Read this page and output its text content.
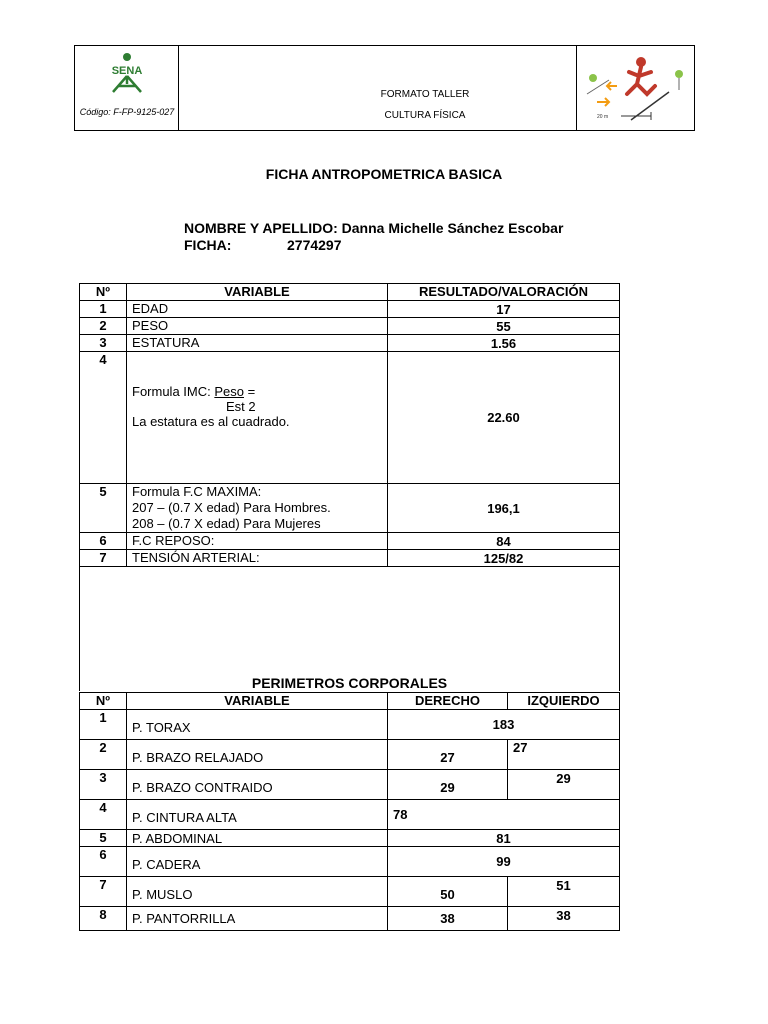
SENA
Código: F-FP-9125-027
FORMATO TALLER
CULTURA FÍSICA	20 m
FICHA ANTROPOMETRICA BASICA
NOMBRE Y APELLIDO: Danna Michelle Sánchez Escobar
FICHA:	2774297
Nº	VARIABLE	RESULTADO/VALORACIÓN
1	EDAD	17
2	PESO	55
3	ESTATURA	1.56
4	Formula IMC: Peso =
Est 2
La estatura es al cuadrado.	22.60
5	Formula F.C MAXIMA:
207 – (0.7 X edad) Para Hombres.
208 – (0.7 X edad) Para Mujeres	196,1
6	F.C REPOSO:	84
7	TENSIÓN ARTERIAL:	125/82
PERIMETROS CORPORALES		
Nº	VARIABLE	DERECHO	IZQUIERDO
1	P. TORAX	183	
2	P. BRAZO RELAJADO	27	27
3	P. BRAZO CONTRAIDO	29	29
4	P. CINTURA ALTA	78	
5	P. ABDOMINAL	81	
6	P. CADERA	99	
7	P. MUSLO	50	51
8	P. PANTORRILLA	38	38
